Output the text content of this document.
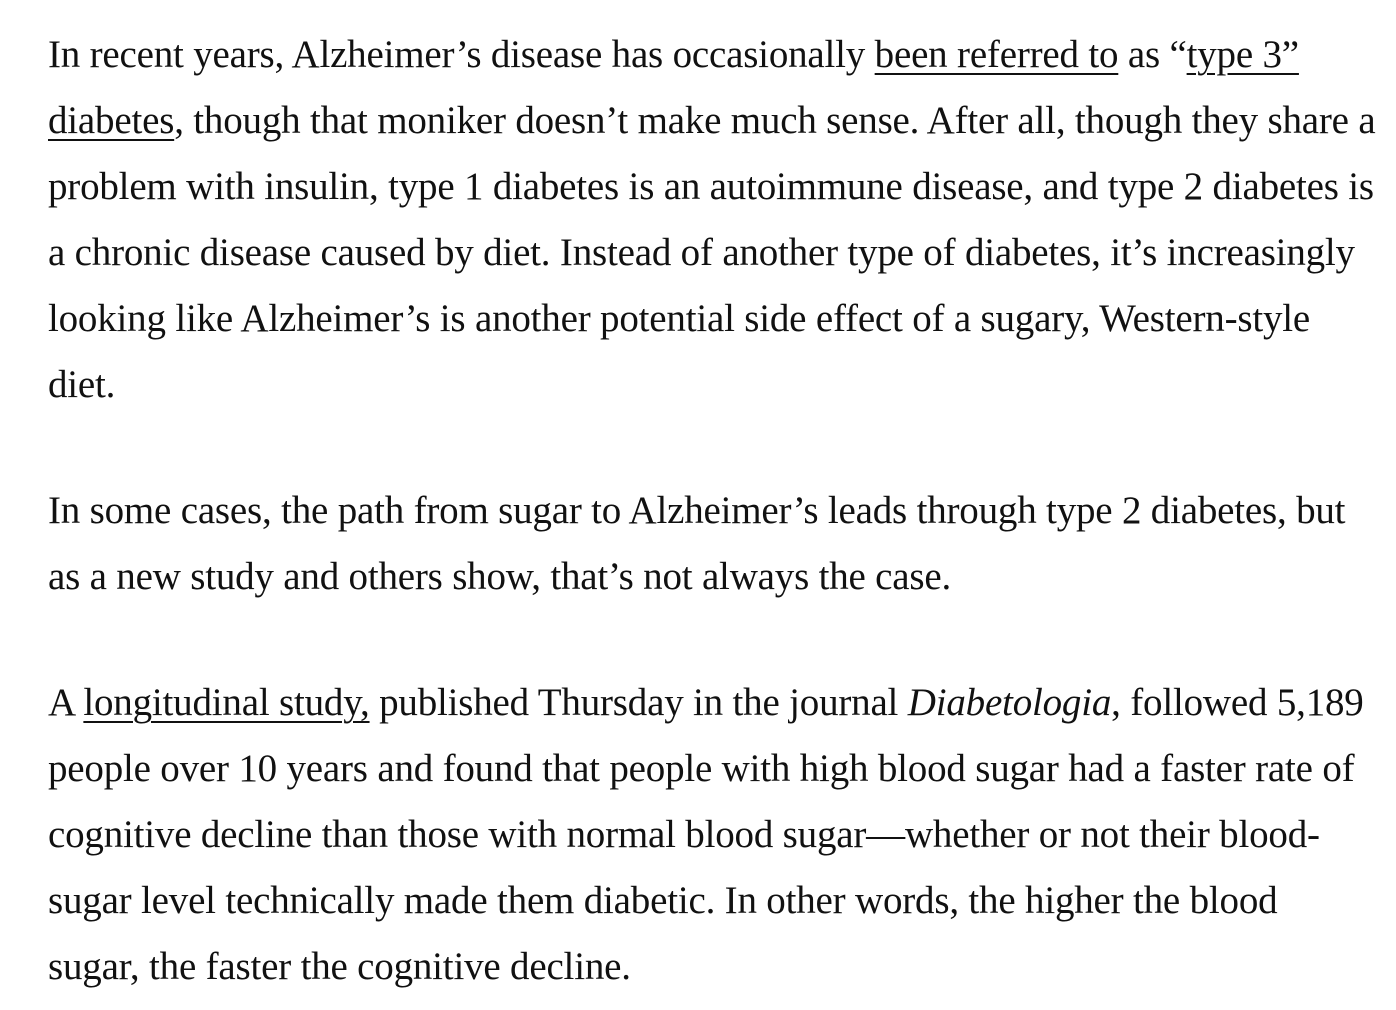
In recent years, Alzheimer’s disease has occasionally been referred to as “type 3” diabetes, though that moniker doesn’t make much sense. After all, though they share a problem with insulin, type 1 diabetes is an autoimmune disease, and type 2 diabetes is a chronic disease caused by diet. Instead of another type of diabetes, it’s increasingly looking like Alzheimer’s is another potential side effect of a sugary, Western-style diet.

In some cases, the path from sugar to Alzheimer’s leads through type 2 diabetes, but as a new study and others show, that’s not always the case.

A longitudinal study, published Thursday in the journal Diabetologia, followed 5,189 people over 10 years and found that people with high blood sugar had a faster rate of cognitive decline than those with normal blood sugar—whether or not their blood-sugar level technically made them diabetic. In other words, the higher the blood sugar, the faster the cognitive decline.
